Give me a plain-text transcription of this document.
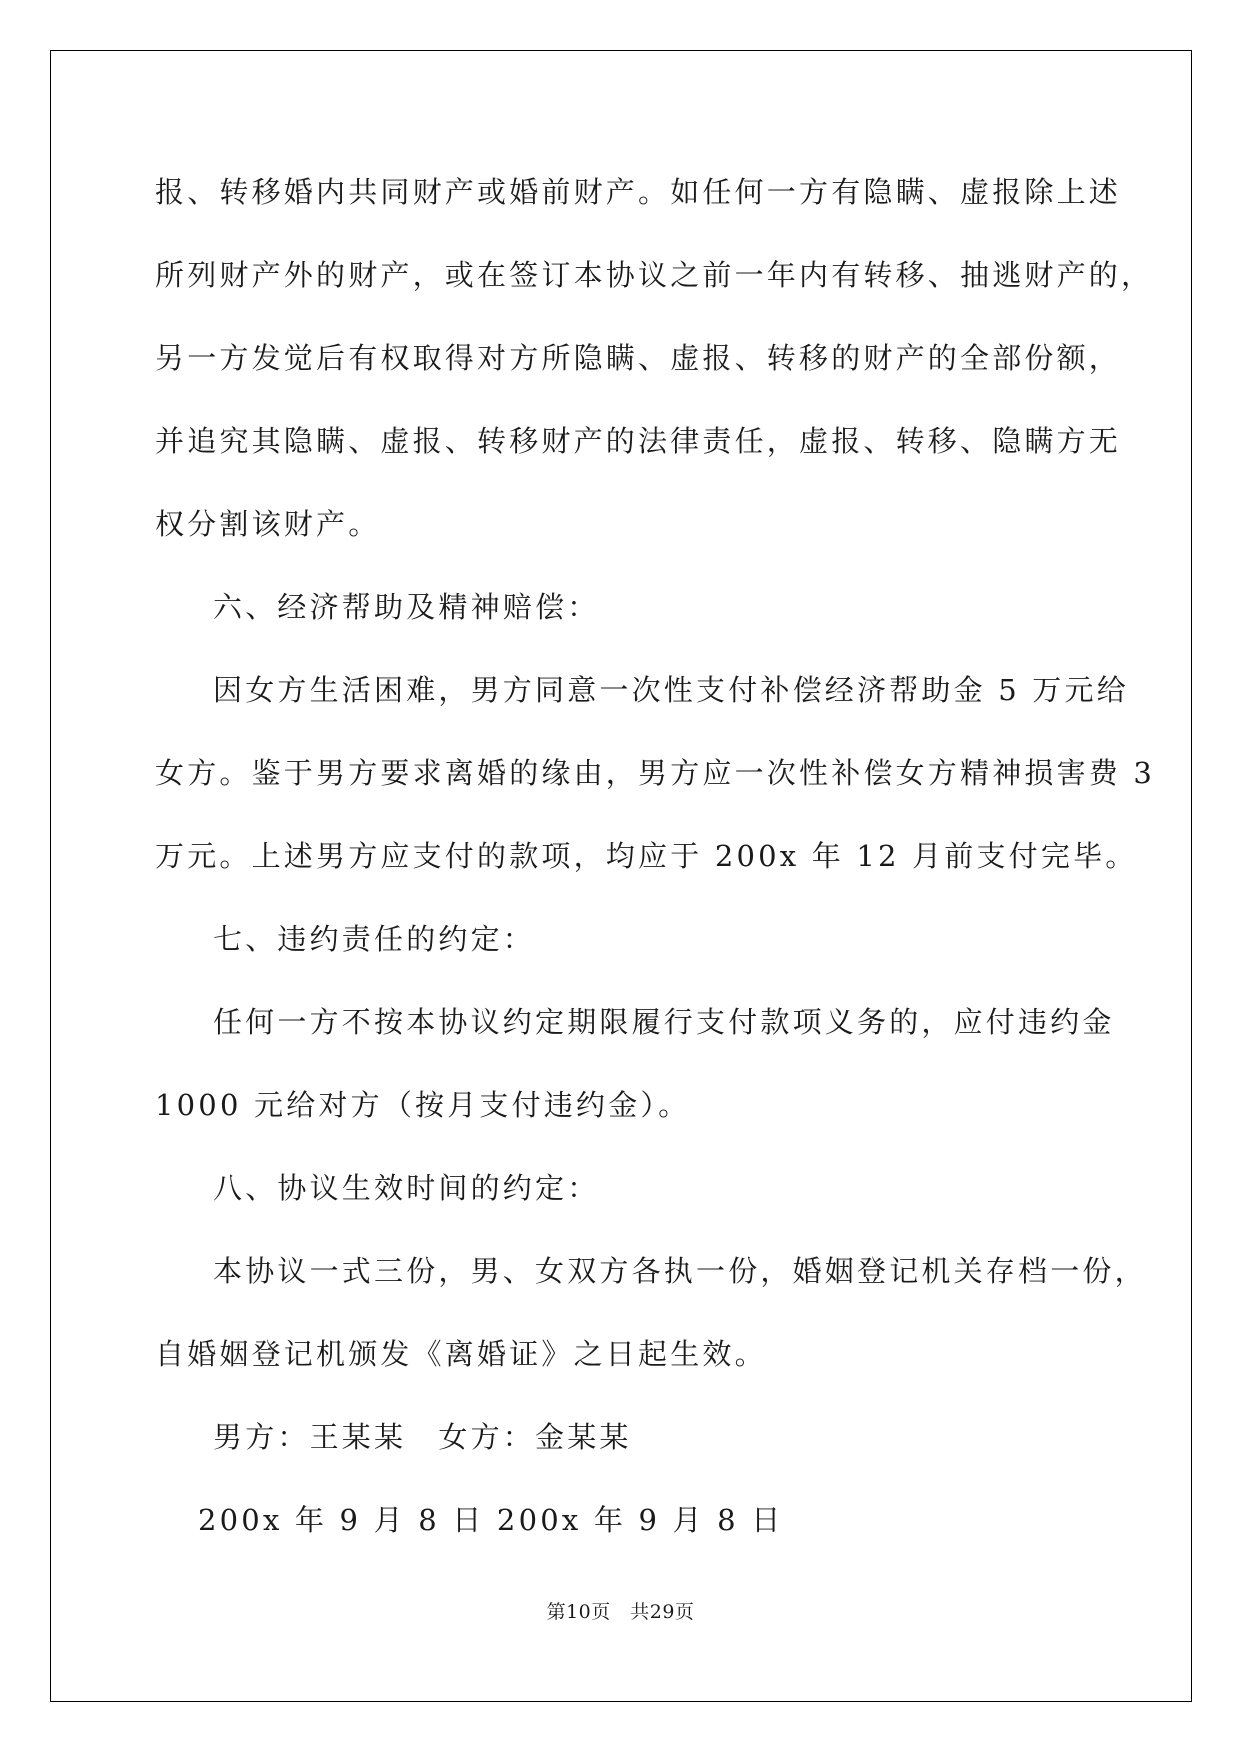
报、转移婚内共同财产或婚前财产。如任何一方有隐瞒、虚报除上述

所列财产外的财产，或在签订本协议之前一年内有转移、抽逃财产的，

另一方发觉后有权取得对方所隐瞒、虚报、转移的财产的全部份额，

并追究其隐瞒、虚报、转移财产的法律责任，虚报、转移、隐瞒方无

权分割该财产。

六、经济帮助及精神赔偿：

因女方生活困难，男方同意一次性支付补偿经济帮助金 5 万元给

女方。鉴于男方要求离婚的缘由，男方应一次性补偿女方精神损害费 3

万元。上述男方应支付的款项，均应于 200x 年 12 月前支付完毕。

七、违约责任的约定：

任何一方不按本协议约定期限履行支付款项义务的，应付违约金

1000 元给对方（按月支付违约金）。

八、协议生效时间的约定：

本协议一式三份，男、女双方各执一份，婚姻登记机关存档一份，

自婚姻登记机颁发《离婚证》之日起生效。

男方：王某某　女方：金某某

200x 年 9 月 8 日 200x 年 9 月 8 日

第10页　共29页
